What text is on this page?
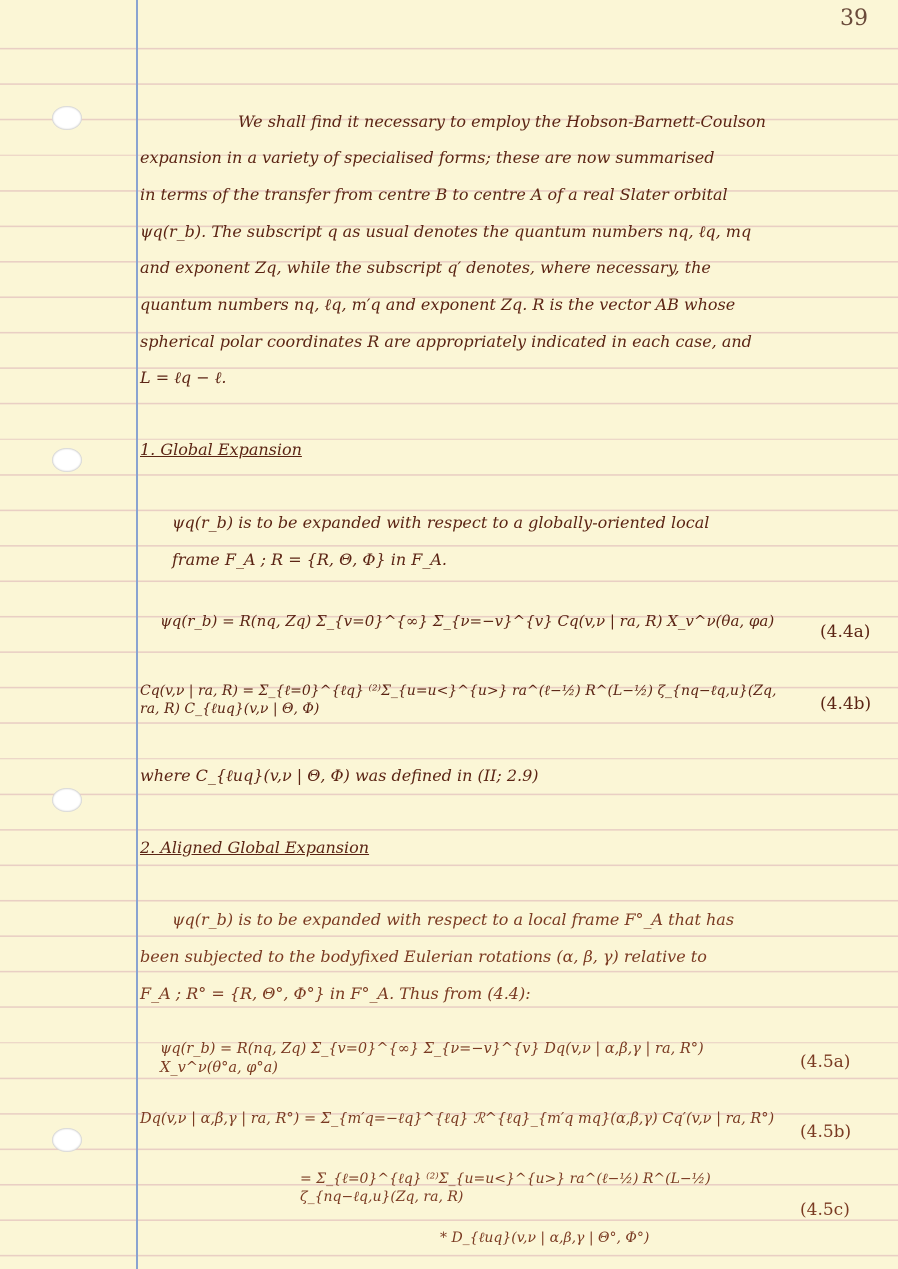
39
We shall find it necessary to employ the Hobson-Barnett-Coulson
expansion in a variety of specialised forms; these are now summarised
in terms of the transfer from centre B to centre A of a real Slater orbital
ψq(r_b). The subscript q as usual denotes the quantum numbers nq, ℓq, mq
and exponent Zq, while the subscript q′ denotes, where necessary, the
quantum numbers nq, ℓq, m′q and exponent Zq. R is the vector AB whose
spherical polar coordinates R are appropriately indicated in each case, and
L = ℓq − ℓ.
1. Global Expansion
ψq(r_b) is to be expanded with respect to a globally-oriented local
frame F_A ; R = {R, Θ, Φ} in F_A.
ψq(r_b) = R(nq, Zq) Σ_{v=0}^{∞} Σ_{ν=−v}^{v} Cq(v,ν | ra, R) X_v^ν(θa, φa)
(4.4a)
Cq(v,ν | ra, R) = Σ_{ℓ=0}^{ℓq} ⁽²⁾Σ_{u=u<}^{u>} ra^(ℓ−½) R^(L−½) ζ_{nq−ℓq,u}(Zq, ra, R) C_{ℓuq}(v,ν | Θ, Φ)	(4.4b)
where C_{ℓuq}(v,ν | Θ, Φ) was defined in (II; 2.9)
2. Aligned Global Expansion
ψq(r_b) is to be expanded with respect to a local frame F°_A that has
been subjected to the bodyfixed Eulerian rotations (α, β, γ) relative to
F_A ; R° = {R, Θ°, Φ°} in F°_A. Thus from (4.4):
ψq(r_b) = R(nq, Zq) Σ_{v=0}^{∞} Σ_{ν=−v}^{v} Dq(v,ν | α,β,γ | ra, R°) X_v^ν(θ°a, φ°a)	(4.5a)
Dq(v,ν | α,β,γ | ra, R°) = Σ_{m′q=−ℓq}^{ℓq} ℛ^{ℓq}_{m′q mq}(α,β,γ) Cq′(v,ν | ra, R°)
(4.5b)
= Σ_{ℓ=0}^{ℓq} ⁽²⁾Σ_{u=u<}^{u>} ra^(ℓ−½) R^(L−½) ζ_{nq−ℓq,u}(Zq, ra, R)
* D_{ℓuq}(v,ν | α,β,γ | Θ°, Φ°)
(4.5c)
